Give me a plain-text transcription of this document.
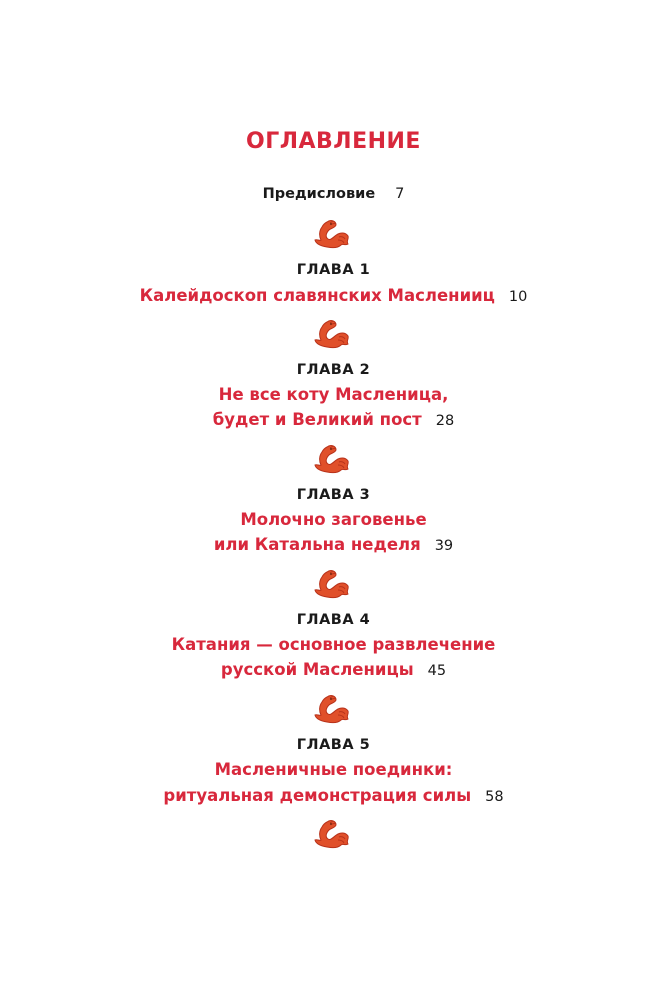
ОГЛАВЛЕНИЕ
Предисловие 7
ГЛАВА 1
Калейдоскоп славянских Масленииц 10
ГЛАВА 2
Не все коту Масленица,
будет и Великий пост 28
ГЛАВА 3
Молочно заговенье
или Катальна неделя 39
ГЛАВА 4
Катания — основное развлечение
русской Масленицы 45
ГЛАВА 5
Масленичные поединки:
ритуальная демонстрация силы 58
